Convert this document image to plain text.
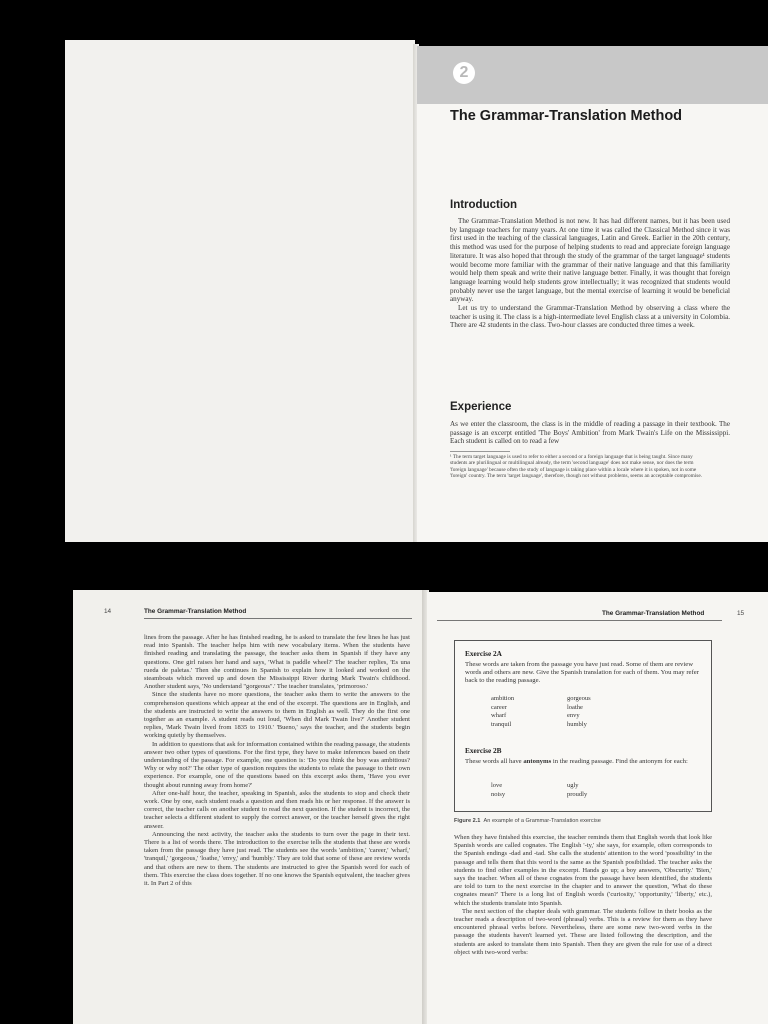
2
The Grammar-Translation Method
Introduction

The Grammar-Translation Method is not new. It has had different names, but it has been used by language teachers for many years. At one time it was called the Classical Method since it was first used in the teaching of the classical languages, Latin and Greek. Earlier in the 20th century, this method was used for the purpose of helping students to read and appreciate foreign language literature. It was also hoped that through the study of the grammar of the target language¹ students would become more familiar with the grammar of their native language and that this familiarity would help them speak and write their native language better. Finally, it was thought that foreign language learning would help students grow intellectually; it was recognized that students would probably never use the target language, but the mental exercise of learning it would be beneficial anyway.

Let us try to understand the Grammar-Translation Method by observing a class where the teacher is using it. The class is a high-intermediate level English class at a university in Colombia. There are 42 students in the class. Two-hour classes are conducted three times a week.

Experience

As we enter the classroom, the class is in the middle of reading a passage in their textbook. The passage is an excerpt entitled 'The Boys' Ambition' from Mark Twain's Life on the Mississippi. Each student is called on to read a few

¹ The term target language is used to refer to either a second or a foreign language that is being taught. Since many students are plurilingual or multilingual already, the term 'second language' does not make sense, nor does the term 'foreign language' because often the study of language is taking place within a locale where it is spoken, not in some 'foreign' country. The term 'target language', therefore, though not without problems, seems an acceptable compromise.
14	The Grammar-Translation Method

lines from the passage. After he has finished reading, he is asked to translate the few lines he has just read into Spanish. The teacher helps him with new vocabulary items. When the students have finished reading and translating the passage, the teacher asks them in Spanish if they have any questions. One girl raises her hand and says, 'What is paddle wheel?' The teacher replies, 'Es una rueda de paletas.' Then she continues in Spanish to explain how it looked and worked on the steamboats which moved up and down the Mississippi River during Mark Twain's childhood. Another student says, 'No understand "gorgeous".' The teacher translates, 'primoroso.'

Since the students have no more questions, the teacher asks them to write the answers to the comprehension questions which appear at the end of the excerpt. The questions are in English, and the students are instructed to write the answers to them in English as well. They do the first one together as an example. A student reads out loud, 'When did Mark Twain live?' Another student replies, 'Mark Twain lived from 1835 to 1910.' 'Bueno,' says the teacher, and the students begin working quietly by themselves.

In addition to questions that ask for information contained within the reading passage, the students answer two other types of questions. For the first type, they have to make inferences based on their understanding of the passage. For example, one question is: 'Do you think the boy was ambitious? Why or why not?' The other type of question requires the students to relate the passage to their own experience. For example, one of the questions based on this excerpt asks them, 'Have you ever thought about running away from home?'

After one-half hour, the teacher, speaking in Spanish, asks the students to stop and check their work. One by one, each student reads a question and then reads his or her response. If the answer is correct, the teacher calls on another student to read the next question. If the student is incorrect, the teacher selects a different student to supply the correct answer, or the teacher herself gives the right answer.

Announcing the next activity, the teacher asks the students to turn over the page in their text. There is a list of words there. The introduction to the exercise tells the students that these are words taken from the passage they have just read. The students see the words 'ambition,' 'career,' 'wharf,' 'tranquil,' 'gorgeous,' 'loathe,' 'envy,' and 'humbly.' They are told that some of these are review words and that others are new to them. The students are instructed to give the Spanish word for each of them. This exercise the class does together. If no one knows the Spanish equivalent, the teacher gives it. In Part 2 of this

The Grammar-Translation Method	15
Exercise 2A

These words are taken from the passage you have just read. Some of them are review words and others are new. Give the Spanish translation for each of them. You may refer back to the reading passage.

ambition
career
wharf
tranquil
gorgeous
loathe
envy
humbly
Exercise 2B

These words all have antonyms in the reading passage. Find the antonym for each:

love
noisy
ugly
proudly
Figure 2.1 An example of a Grammar-Translation exercise

When they have finished this exercise, the teacher reminds them that English words that look like Spanish words are called cognates. The English '-ty,' she says, for example, often corresponds to the Spanish endings -dad and -tad. She calls the students' attention to the word 'possibility' in the passage and tells them that this word is the same as the Spanish posibilidad. The teacher asks the students to find other examples in the excerpt. Hands go up; a boy answers, 'Obscurity.' 'Bien,' says the teacher. When all of these cognates from the passage have been identified, the students are told to turn to the next exercise in the chapter and to answer the question, 'What do these cognates mean?' There is a long list of English words ('curiosity,' 'opportunity,' 'liberty,' etc.), which the students translate into Spanish.

The next section of the chapter deals with grammar. The students follow in their books as the teacher reads a description of two-word (phrasal) verbs. This is a review for them as they have encountered phrasal verbs before. Nevertheless, there are some new two-word verbs in the passage the students haven't learned yet. These are listed following the description, and the students are asked to translate them into Spanish. Then they are given the rule for use of a direct object with two-word verbs:
